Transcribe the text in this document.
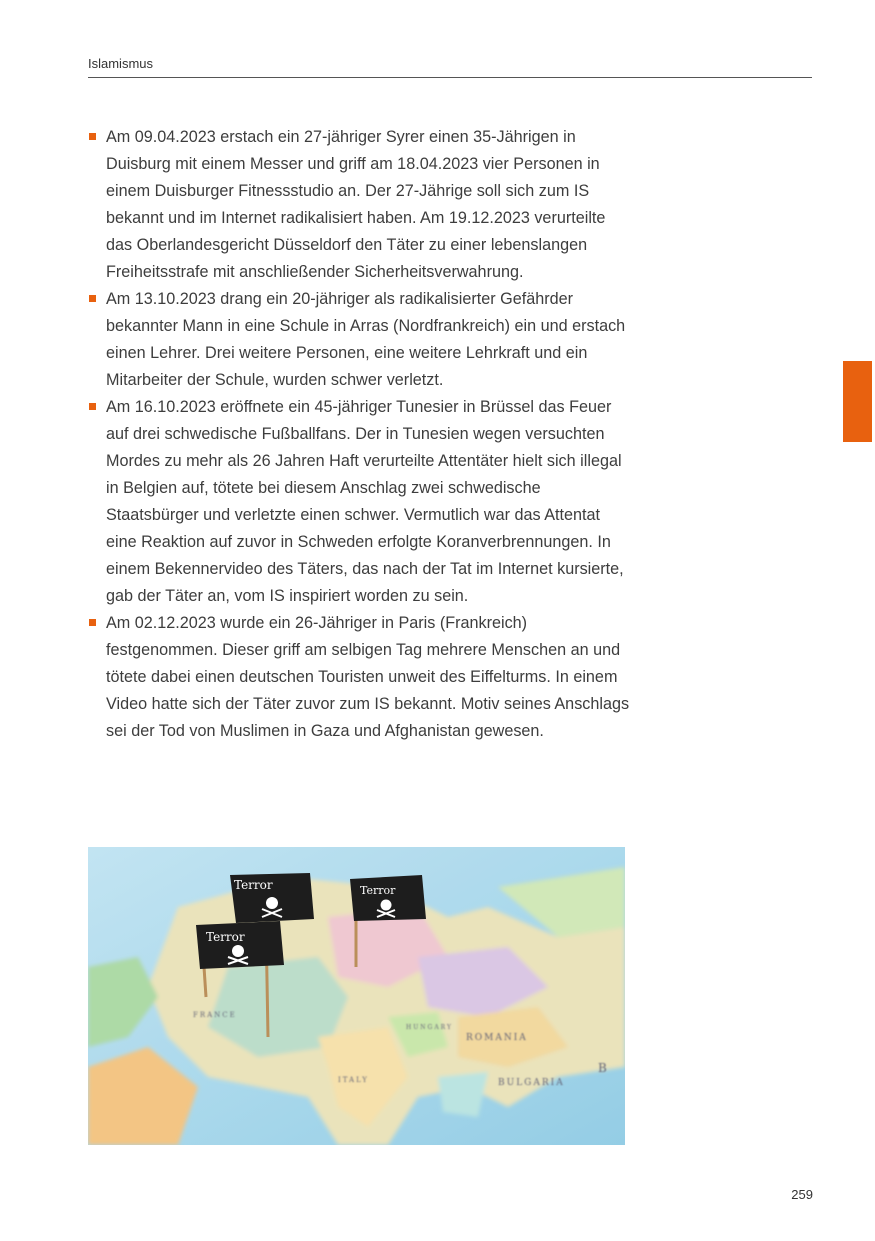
Islamismus
Am 09.04.2023 erstach ein 27-jähriger Syrer einen 35-Jährigen in Duisburg mit einem Messer und griff am 18.04.2023 vier Personen in einem Duisburger Fitnessstudio an. Der 27-Jährige soll sich zum IS bekannt und im Internet radikalisiert haben. Am 19.12.2023 verurteilte das Oberlandesgericht Düsseldorf den Täter zu einer lebenslangen Freiheitsstrafe mit anschließender Sicherheitsverwahrung.
Am 13.10.2023 drang ein 20-jähriger als radikalisierter Gefährder bekannter Mann in eine Schule in Arras (Nordfrankreich) ein und erstach einen Lehrer. Drei weitere Personen, eine weitere Lehrkraft und ein Mitarbeiter der Schule, wurden schwer verletzt.
Am 16.10.2023 eröffnete ein 45-jähriger Tunesier in Brüssel das Feuer auf drei schwedische Fußballfans. Der in Tunesien wegen versuchten Mordes zu mehr als 26 Jahren Haft verurteilte Attentäter hielt sich illegal in Belgien auf, tötete bei diesem Anschlag zwei schwedische Staatsbürger und verletzte einen schwer. Vermutlich war das Attentat eine Reaktion auf zuvor in Schweden erfolgte Koranverbrennungen. In einem Bekennervideo des Täters, das nach der Tat im Internet kursierte, gab der Täter an, vom IS inspiriert worden zu sein.
Am 02.12.2023 wurde ein 26-Jähriger in Paris (Frankreich) festgenommen. Dieser griff am selbigen Tag mehrere Menschen an und tötete dabei einen deutschen Touristen unweit des Eiffelturms. In einem Video hatte sich der Täter zuvor zum IS bekannt. Motiv seines Anschlags sei der Tod von Muslimen in Gaza und Afghanistan gewesen.
ROMANIA
BULGARIA
HUNGARY
ITALY
FRANCE
B
Terror	Terror
Terror
259
